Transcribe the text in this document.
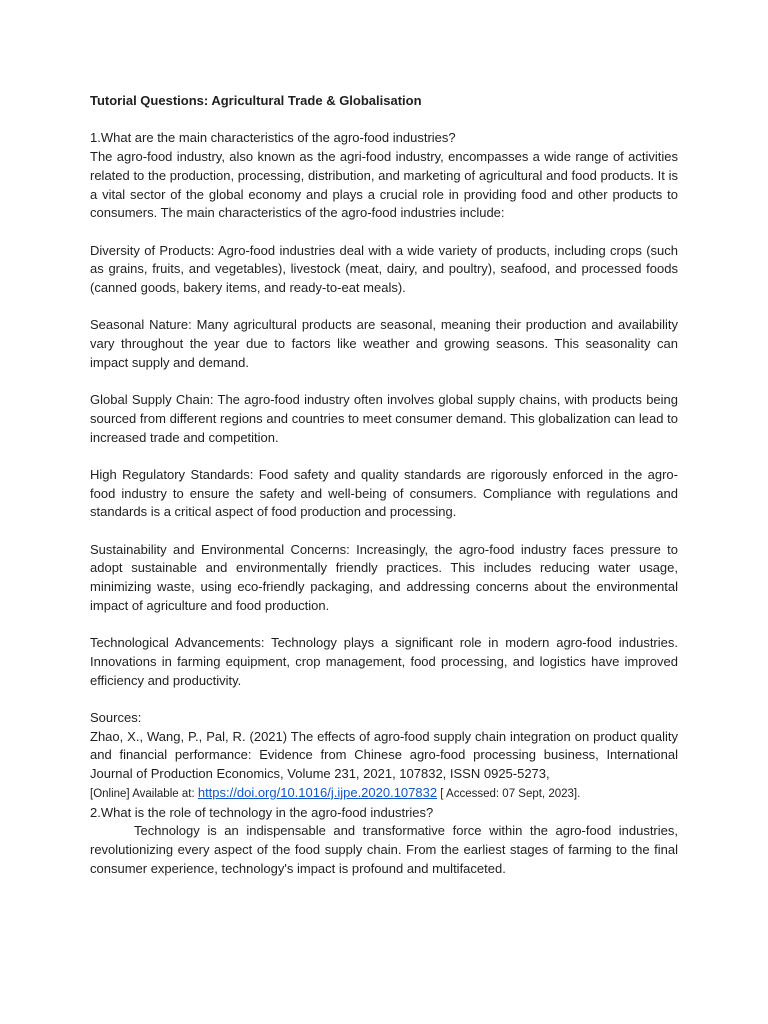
Tutorial Questions: Agricultural Trade & Globalisation

1.What are the main characteristics of the agro-food industries?

The agro-food industry, also known as the agri-food industry, encompasses a wide range of activities related to the production, processing, distribution, and marketing of agricultural and food products. It is a vital sector of the global economy and plays a crucial role in providing food and other products to consumers. The main characteristics of the agro-food industries include:

Diversity of Products: Agro-food industries deal with a wide variety of products, including crops (such as grains, fruits, and vegetables), livestock (meat, dairy, and poultry), seafood, and processed foods (canned goods, bakery items, and ready-to-eat meals).

Seasonal Nature: Many agricultural products are seasonal, meaning their production and availability vary throughout the year due to factors like weather and growing seasons. This seasonality can impact supply and demand.

Global Supply Chain: The agro-food industry often involves global supply chains, with products being sourced from different regions and countries to meet consumer demand. This globalization can lead to increased trade and competition.

High Regulatory Standards: Food safety and quality standards are rigorously enforced in the agro-food industry to ensure the safety and well-being of consumers. Compliance with regulations and standards is a critical aspect of food production and processing.

Sustainability and Environmental Concerns: Increasingly, the agro-food industry faces pressure to adopt sustainable and environmentally friendly practices. This includes reducing water usage, minimizing waste, using eco-friendly packaging, and addressing concerns about the environmental impact of agriculture and food production.

Technological Advancements: Technology plays a significant role in modern agro-food industries. Innovations in farming equipment, crop management, food processing, and logistics have improved efficiency and productivity.

Sources:

Zhao, X., Wang, P., Pal, R. (2021) The effects of agro-food supply chain integration on product quality and financial performance: Evidence from Chinese agro-food processing business, International Journal of Production Economics, Volume 231, 2021, 107832, ISSN 0925-5273,

[Online] Available at: https://doi.org/10.1016/j.ijpe.2020.107832 [ Accessed: 07 Sept, 2023].

2.What is the role of technology in the agro-food industries?

Technology is an indispensable and transformative force within the agro-food industries, revolutionizing every aspect of the food supply chain. From the earliest stages of farming to the final consumer experience, technology's impact is profound and multifaceted.
